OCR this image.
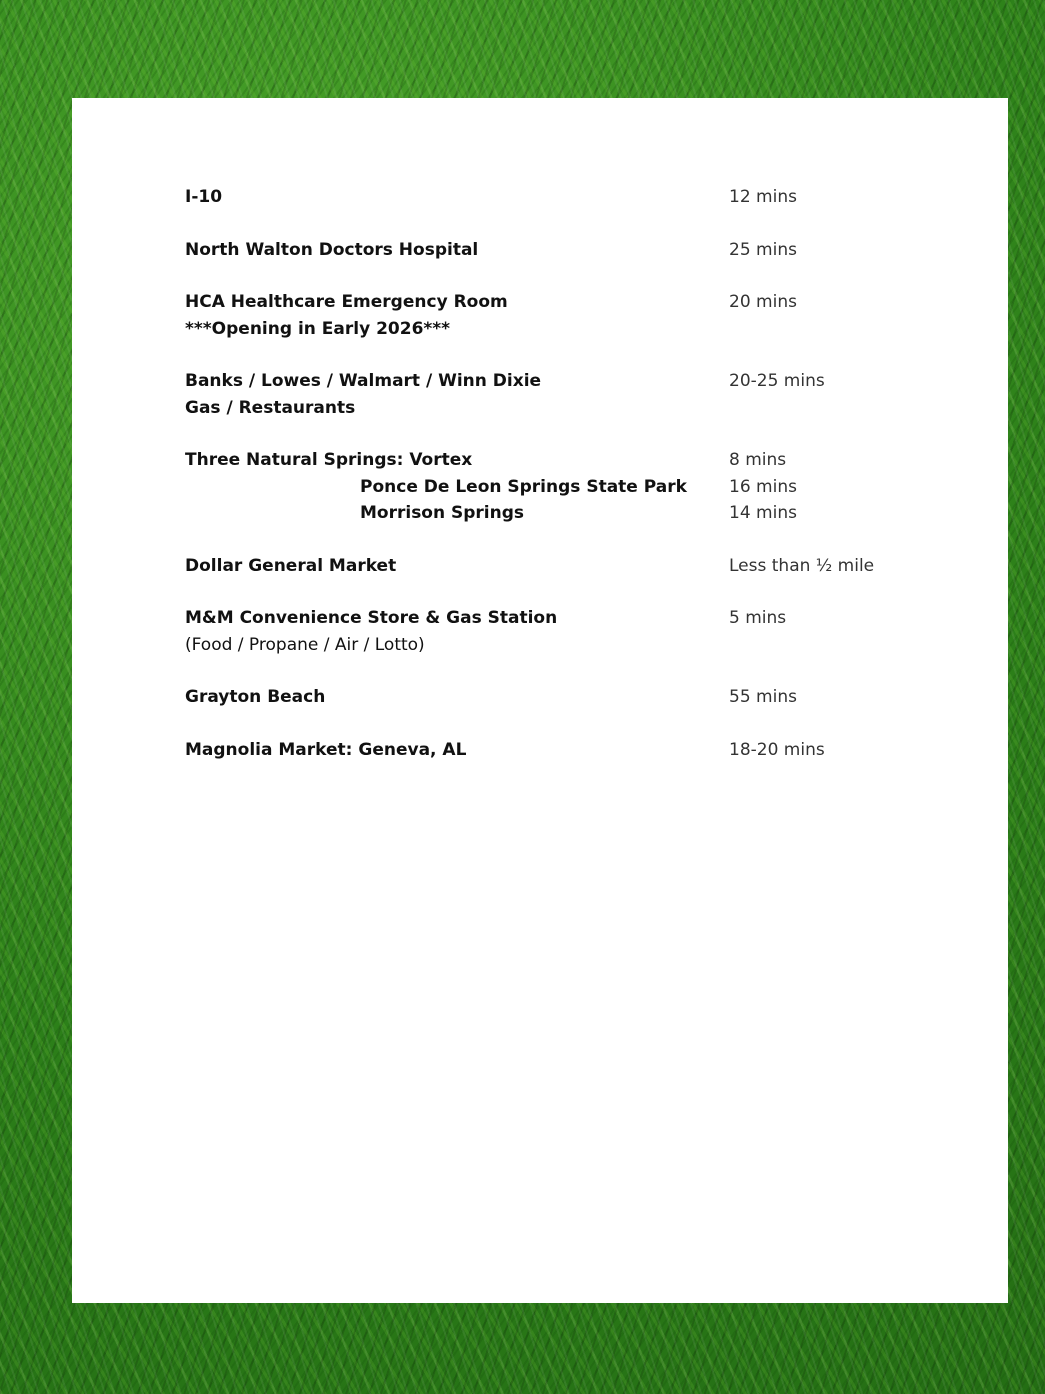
I-10	12 mins
North Walton Doctors Hospital	25 mins
HCA Healthcare Emergency Room	20 mins
***Opening in Early 2026***
Banks / Lowes / Walmart / Winn Dixie	20-25 mins
Gas / Restaurants
Three Natural Springs: Vortex	8 mins
Ponce De Leon Springs State Park 16 mins
Morrison Springs	14 mins
Dollar General Market	Less than ½ mile
M&M Convenience Store & Gas Station	5 mins
(Food / Propane / Air / Lotto)
Grayton Beach	55 mins
Magnolia Market: Geneva, AL	18-20 mins
